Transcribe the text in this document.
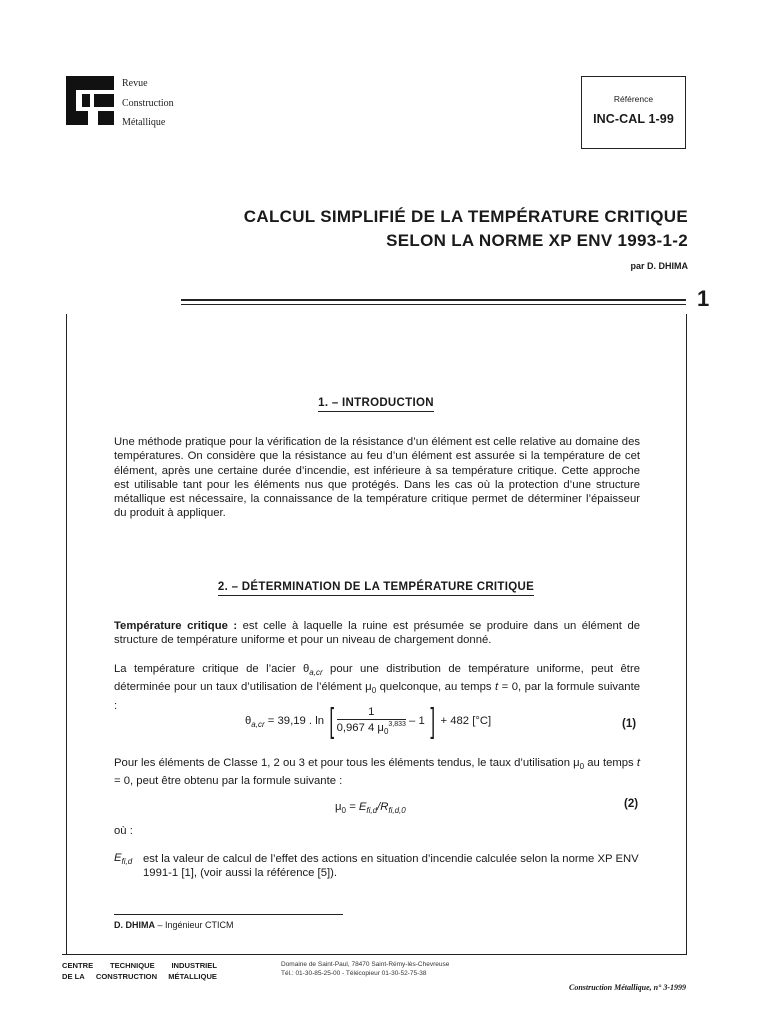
Revue
Construction
Métallique
Référence
INC-CAL 1-99
CALCUL SIMPLIFIÉ DE LA TEMPÉRATURE CRITIQUE
SELON LA NORME XP ENV 1993-1-2
par D. DHIMA
1
1. – INTRODUCTION
Une méthode pratique pour la vérification de la résistance d’un élément est celle relative au domaine des températures. On considère que la résistance au feu d’un élément est assurée si la température de cet élément, après une certaine durée d’incendie, est inférieure à sa température critique. Cette approche est utilisable tant pour les éléments nus que protégés. Dans les cas où la protection d’une structure métallique est nécessaire, la connaissance de la température critique permet de déterminer l’épaisseur du produit à appliquer.
2. – DÉTERMINATION DE LA TEMPÉRATURE CRITIQUE
Température critique : est celle à laquelle la ruine est présumée se produire dans un élément de structure de température uniforme et pour un niveau de chargement donné.
La température critique de l’acier $\theta_{a,cr}$ pour une distribution de température uniforme, peut être déterminée pour un taux d’utilisation de l’élément $\mu_0$ quelconque, au temps t = 0, par la formule suivante :
$\theta_{a,cr} = 39,19$ . ln [ $\frac{1}{0,967 4 \mu_0^{3,833}} - 1$ ] + 482 [°C]	(1)
Pour les éléments de Classe 1, 2 ou 3 et pour tous les éléments tendus, le taux d’utilisation $\mu_0$ au temps t = 0, peut être obtenu par la formule suivante :
$\mu_0 = E_{fi,d}/R_{fi,d,0}$
(2)
où :
$E_{fi,d}$ est la valeur de calcul de l’effet des actions en situation d’incendie calculée selon la norme XP ENV 1991-1 [1], (voir aussi la référence [5]).
D. DHIMA – Ingénieur CTICM
CENTRE TECHNIQUE INDUSTRIEL
DE LA CONSTRUCTION MÉTALLIQUE
Domaine de Saint-Paul, 78470 Saint-Rémy-lès-Chevreuse
Tél.: 01-30-85-25-00 - Télécopieur 01-30-52-75-38
Construction Métallique, n° 3-1999
